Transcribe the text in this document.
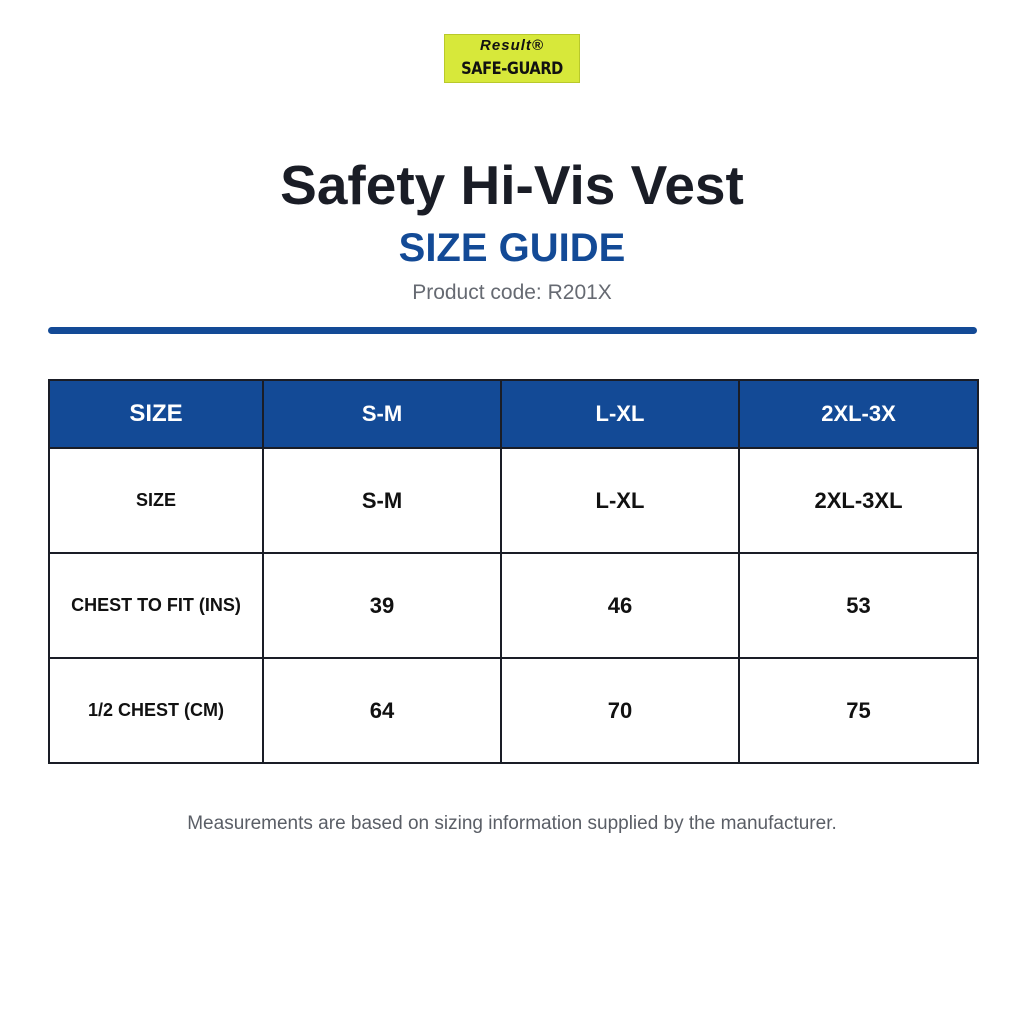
Result®
SAFE-GUARD
Safety Hi-Vis Vest
SIZE GUIDE
Product code: R201X
SIZE	S-M	L-XL	2XL-3X
SIZE	S-M	L-XL	2XL-3XL
CHEST TO FIT (INS)	39	46	53
1/2 CHEST (CM)	64	70	75
Measurements are based on sizing information supplied by the manufacturer.
